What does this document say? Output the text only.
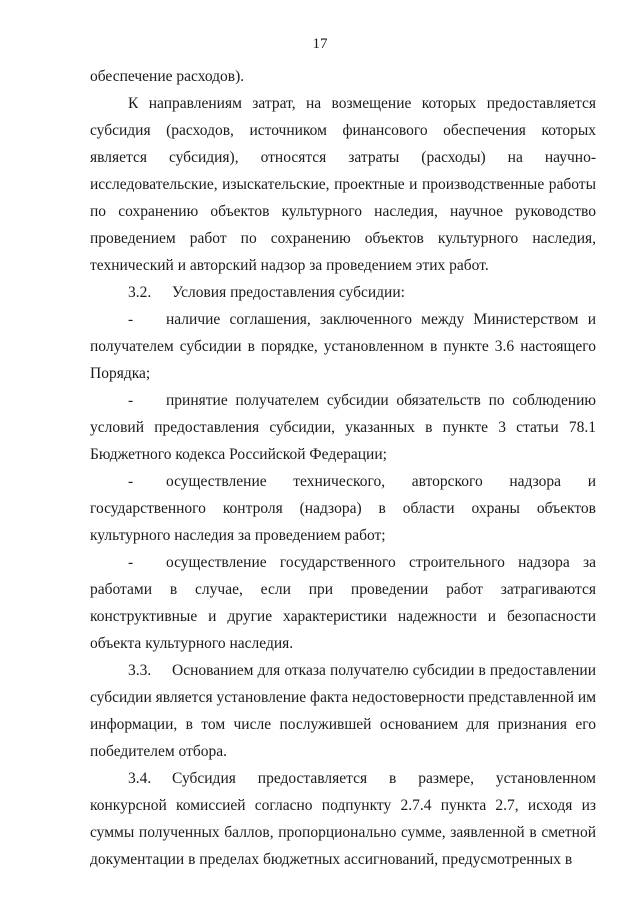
17

обеспечение расходов).

К направлениям затрат, на возмещение которых предоставляется субсидия (расходов, источником финансового обеспечения которых является субсидия), относятся затраты (расходы) на научно-исследовательские, изыскательские, проектные и производственные работы по сохранению объектов культурного наследия, научное руководство проведением работ по сохранению объектов культурного наследия, технический и авторский надзор за проведением этих работ.

3.2. Условия предоставления субсидии:

- наличие соглашения, заключенного между Министерством и получателем субсидии в порядке, установленном в пункте 3.6 настоящего Порядка;

- принятие получателем субсидии обязательств по соблюдению условий предоставления субсидии, указанных в пункте 3 статьи 78.1 Бюджетного кодекса Российской Федерации;

- осуществление технического, авторского надзора и государственного контроля (надзора) в области охраны объектов культурного наследия за проведением работ;

- осуществление государственного строительного надзора за работами в случае, если при проведении работ затрагиваются конструктивные и другие характеристики надежности и безопасности объекта культурного наследия.

3.3. Основанием для отказа получателю субсидии в предоставлении субсидии является установление факта недостоверности представленной им информации, в том числе послужившей основанием для признания его победителем отбора.

3.4. Субсидия предоставляется в размере, установленном конкурсной комиссией согласно подпункту 2.7.4 пункта 2.7, исходя из суммы полученных баллов, пропорционально сумме, заявленной в сметной документации в пределах бюджетных ассигнований, предусмотренных в
